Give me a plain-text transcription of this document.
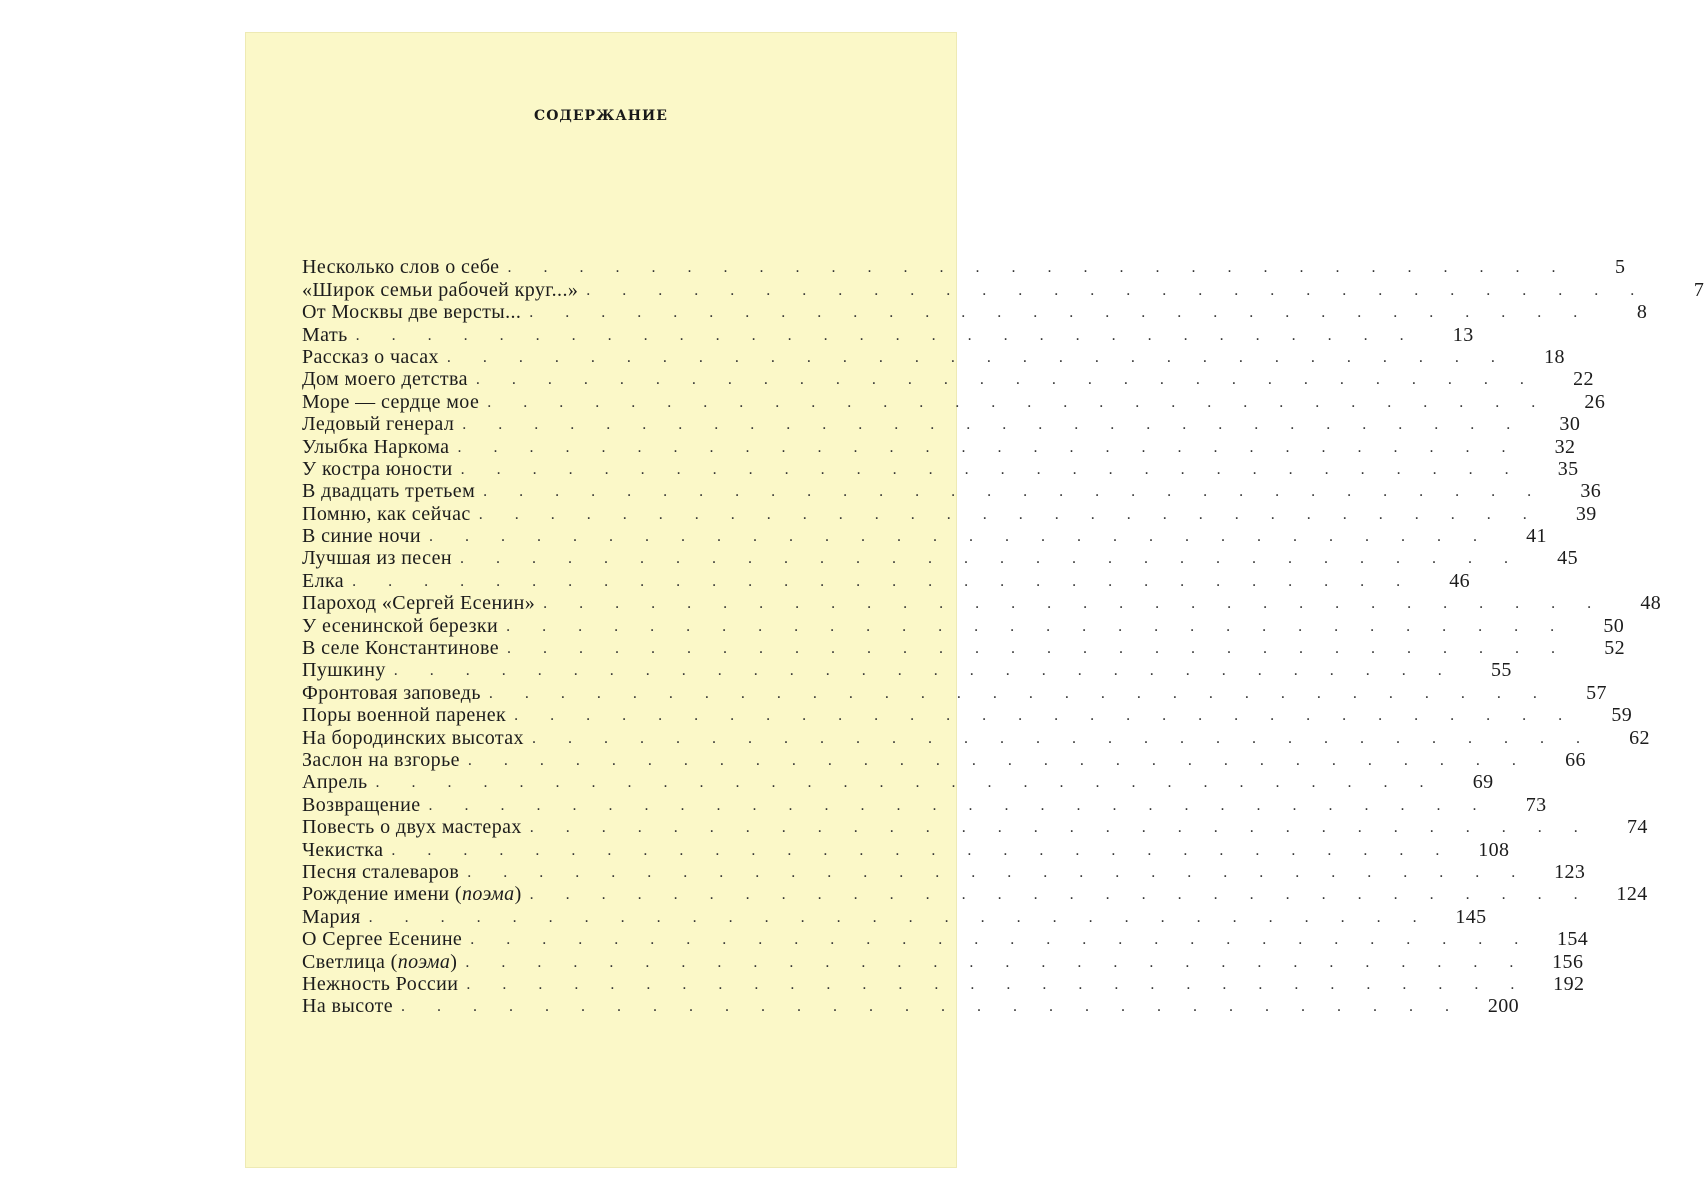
СОДЕРЖАНИЕ
Несколько слов о себе . . . . . . . . . . . . . . . . . . . . . . . . . . . . . .	5
«Широк семьи рабочей круг...» . . . . . . . . . . . . . . . . . . . . . . . . . . . . . .	7
От Москвы две версты... . . . . . . . . . . . . . . . . . . . . . . . . . . . . . .	8
Мать . . . . . . . . . . . . . . . . . . . . . . . . . . . . . .	13
Рассказ о часах . . . . . . . . . . . . . . . . . . . . . . . . . . . . . .	18
Дом моего детства . . . . . . . . . . . . . . . . . . . . . . . . . . . . . .	22
Море — сердце мое . . . . . . . . . . . . . . . . . . . . . . . . . . . . . .	26
Ледовый генерал . . . . . . . . . . . . . . . . . . . . . . . . . . . . . .	30
Улыбка Наркома . . . . . . . . . . . . . . . . . . . . . . . . . . . . . .	32
У костра юности . . . . . . . . . . . . . . . . . . . . . . . . . . . . . .	35
В двадцать третьем . . . . . . . . . . . . . . . . . . . . . . . . . . . . . .	36
Помню, как сейчас . . . . . . . . . . . . . . . . . . . . . . . . . . . . . .	39
В синие ночи . . . . . . . . . . . . . . . . . . . . . . . . . . . . . .	41
Лучшая из песен . . . . . . . . . . . . . . . . . . . . . . . . . . . . . .	45
Елка . . . . . . . . . . . . . . . . . . . . . . . . . . . . . .	46
Пароход «Сергей Есенин» . . . . . . . . . . . . . . . . . . . . . . . . . . . . . .	48
У есенинской березки . . . . . . . . . . . . . . . . . . . . . . . . . . . . . .	50
В селе Константинове . . . . . . . . . . . . . . . . . . . . . . . . . . . . . .	52
Пушкину . . . . . . . . . . . . . . . . . . . . . . . . . . . . . .	55
Фронтовая заповедь . . . . . . . . . . . . . . . . . . . . . . . . . . . . . .	57
Поры военной паренек . . . . . . . . . . . . . . . . . . . . . . . . . . . . . .	59
На бородинских высотах . . . . . . . . . . . . . . . . . . . . . . . . . . . . . .	62
Заслон на взгорье . . . . . . . . . . . . . . . . . . . . . . . . . . . . . .	66
Апрель . . . . . . . . . . . . . . . . . . . . . . . . . . . . . .	69
Возвращение . . . . . . . . . . . . . . . . . . . . . . . . . . . . . .	73
Повесть о двух мастерах . . . . . . . . . . . . . . . . . . . . . . . . . . . . . .	74
Чекистка . . . . . . . . . . . . . . . . . . . . . . . . . . . . . .	108
Песня сталеваров . . . . . . . . . . . . . . . . . . . . . . . . . . . . . .	123
Рождение имени (поэма) . . . . . . . . . . . . . . . . . . . . . . . . . . . . . .	124
Мария . . . . . . . . . . . . . . . . . . . . . . . . . . . . . .	145
О Сергее Есенине . . . . . . . . . . . . . . . . . . . . . . . . . . . . . .	154
Светлица (поэма) . . . . . . . . . . . . . . . . . . . . . . . . . . . . . .	156
Нежность России . . . . . . . . . . . . . . . . . . . . . . . . . . . . . .	192
На высоте . . . . . . . . . . . . . . . . . . . . . . . . . . . . . .	200
